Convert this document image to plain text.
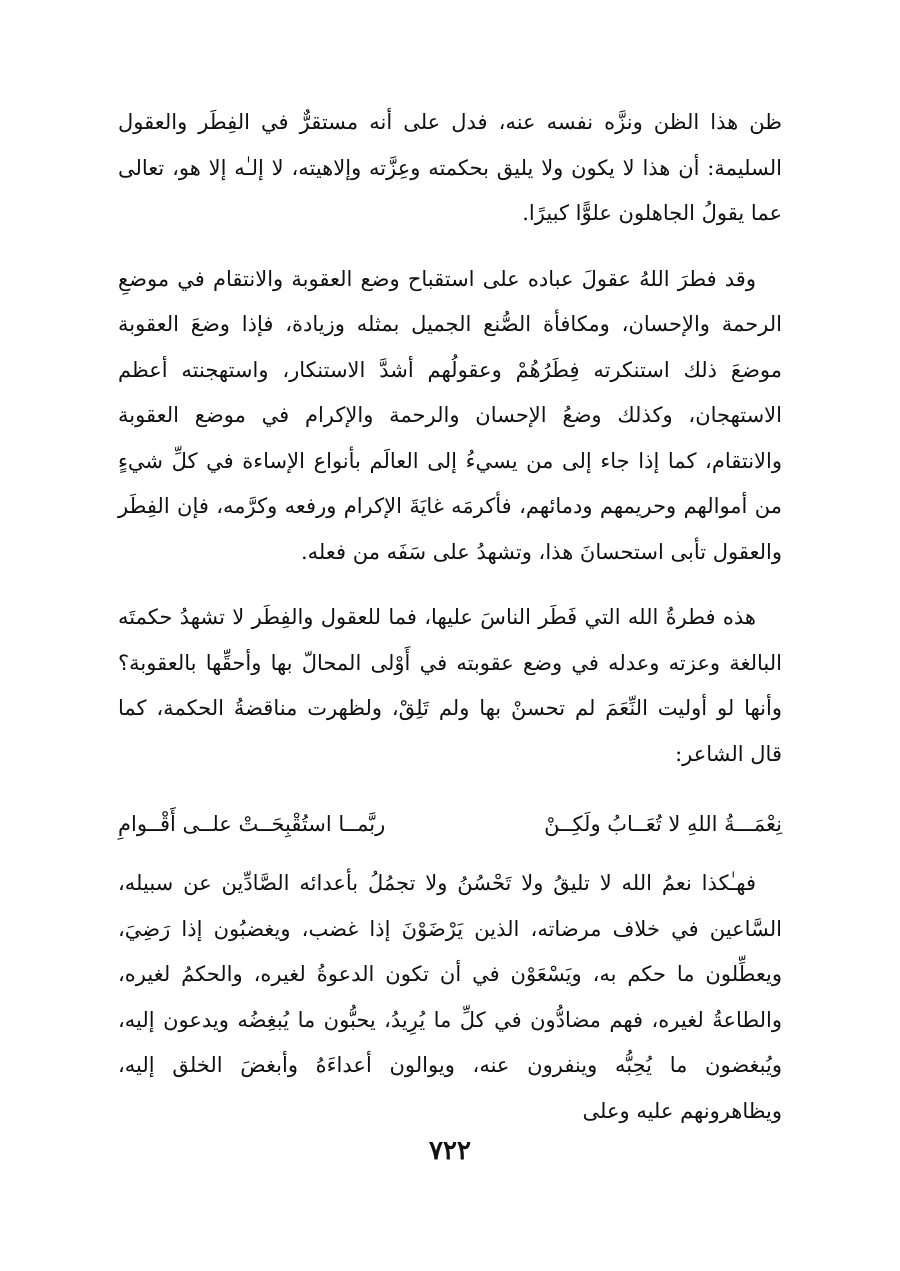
ظن هذا الظن ونزَّه نفسه عنه، فدل على أنه مستقرٌّ في الفِطَر والعقول السليمة: أن هذا لا يكون ولا يليق بحكمته وعِزَّته وإلاهيته، لا إلـٰه إلا هو، تعالى عما يقولُ الجاهلون علوًّا كبيرًا.

وقد فطرَ اللهُ عقولَ عباده على استقباح وضع العقوبة والانتقام في موضعِ الرحمة والإحسان، ومكافأة الصُّنع الجميل بمثله وزيادة، فإذا وضعَ العقوبة موضعَ ذلك استنكرته فِطَرُهُمْ وعقولُهم أشدَّ الاستنكار، واستهجنته أعظم الاستهجان، وكذلك وضعُ الإحسان والرحمة والإكرام في موضع العقوبة والانتقام، كما إذا جاء إلى من يسيءُ إلى العالَم بأنواع الإساءة في كلِّ شيءٍ من أموالهم وحريمهم ودمائهم، فأكرمَه غايَةَ الإكرام ورفعه وكرَّمه، فإن الفِطَر والعقول تأبى استحسانَ هذا، وتشهدُ على سَفَه من فعله.

هذه فطرةُ الله التي فَطَر الناسَ عليها، فما للعقول والفِطَر لا تشهدُ حكمتَه البالغة وعزته وعدله في وضع عقوبته في أَوْلى المحالّ بها وأحقِّها بالعقوبة؟ وأنها لو أوليت النِّعَمَ لم تحسنْ بها ولم تَلِقْ، ولظهرت مناقضةُ الحكمة، كما قال الشاعر:

نِعْمَـــةُ اللهِ لا تُعَــابُ ولَكِــنْ
ربَّمــا استُقْبِحَــتْ علــى أَقْــوامِ

فهـٰكذا نعمُ الله لا تليقُ ولا تَحْسُنُ ولا تجمُلُ بأعدائه الصَّادِّين عن سبيله، السَّاعين في خلاف مرضاته، الذين يَرْضَوْنَ إذا غضب، ويغضبُون إذا رَضِيَ، ويعطِّلون ما حكم به، ويَسْعَوْن في أن تكون الدعوةُ لغيره، والحكمُ لغيره، والطاعةُ لغيره، فهم مضادُّون في كلِّ ما يُرِيدُ، يحبُّون ما يُبغِضُه ويدعون إليه، ويُبغضون ما يُحِبُّه وينفرون عنه، ويوالون أعداءَهُ وأبغضَ الخلق إليه، ويظاهرونهم عليه وعلى

٧٢٢
